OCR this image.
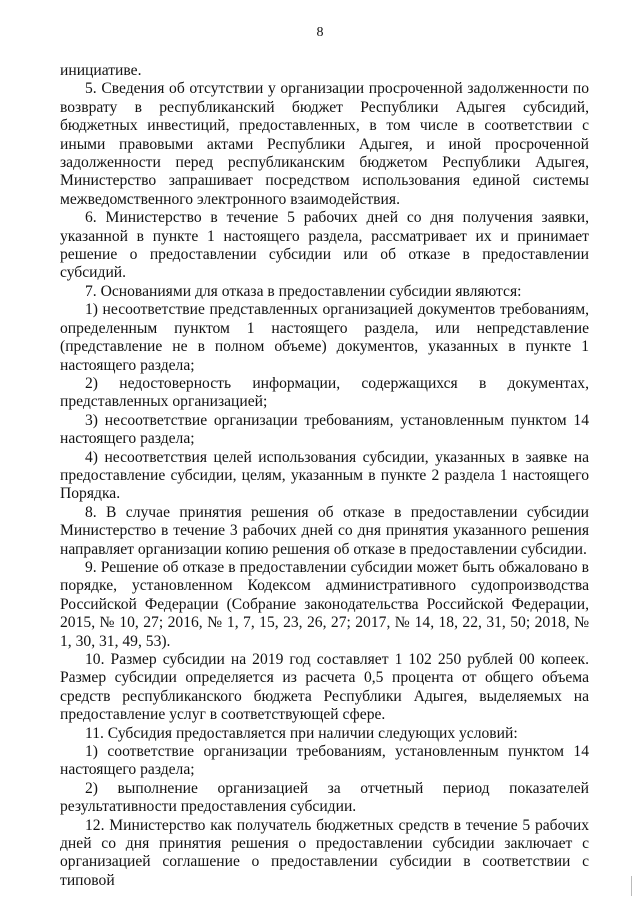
8

инициативе.

5. Сведения об отсутствии у организации просроченной задолженности по возврату в республиканский бюджет Республики Адыгея субсидий, бюджетных инвестиций, предоставленных, в том числе в соответствии с иными правовыми актами Республики Адыгея, и иной просроченной задолженности перед республиканским бюджетом Республики Адыгея, Министерство запрашивает посредством использования единой системы межведомственного электронного взаимодействия.

6. Министерство в течение 5 рабочих дней со дня получения заявки, указанной в пункте 1 настоящего раздела, рассматривает их и принимает решение о предоставлении субсидии или об отказе в предоставлении субсидий.

7. Основаниями для отказа в предоставлении субсидии являются:

1) несоответствие представленных организацией документов требованиям, определенным пунктом 1 настоящего раздела, или непредставление (представление не в полном объеме) документов, указанных в пункте 1 настоящего раздела;

2) недостоверность информации, содержащихся в документах, представленных организацией;

3) несоответствие организации требованиям, установленным пунктом 14 настоящего раздела;

4) несоответствия целей использования субсидии, указанных в заявке на предоставление субсидии, целям, указанным в пункте 2 раздела 1 настоящего Порядка.

8. В случае принятия решения об отказе в предоставлении субсидии Министерство в течение 3 рабочих дней со дня принятия указанного решения направляет организации копию решения об отказе в предоставлении субсидии.

9. Решение об отказе в предоставлении субсидии может быть обжаловано в порядке, установленном Кодексом административного судопроизводства Российской Федерации (Собрание законодательства Российской Федерации, 2015, № 10, 27; 2016, № 1, 7, 15, 23, 26, 27; 2017, № 14, 18, 22, 31, 50; 2018, № 1, 30, 31, 49, 53).

10. Размер субсидии на 2019 год составляет 1 102 250 рублей 00 копеек. Размер субсидии определяется из расчета 0,5 процента от общего объема средств республиканского бюджета Республики Адыгея, выделяемых на предоставление услуг в соответствующей сфере.

11. Субсидия предоставляется при наличии следующих условий:

1) соответствие организации требованиям, установленным пунктом 14 настоящего раздела;

2) выполнение организацией за отчетный период показателей результативности предоставления субсидии.

12. Министерство как получатель бюджетных средств в течение 5 рабочих дней со дня принятия решения о предоставлении субсидии заключает с организацией соглашение о предоставлении субсидии в соответствии с типовой
